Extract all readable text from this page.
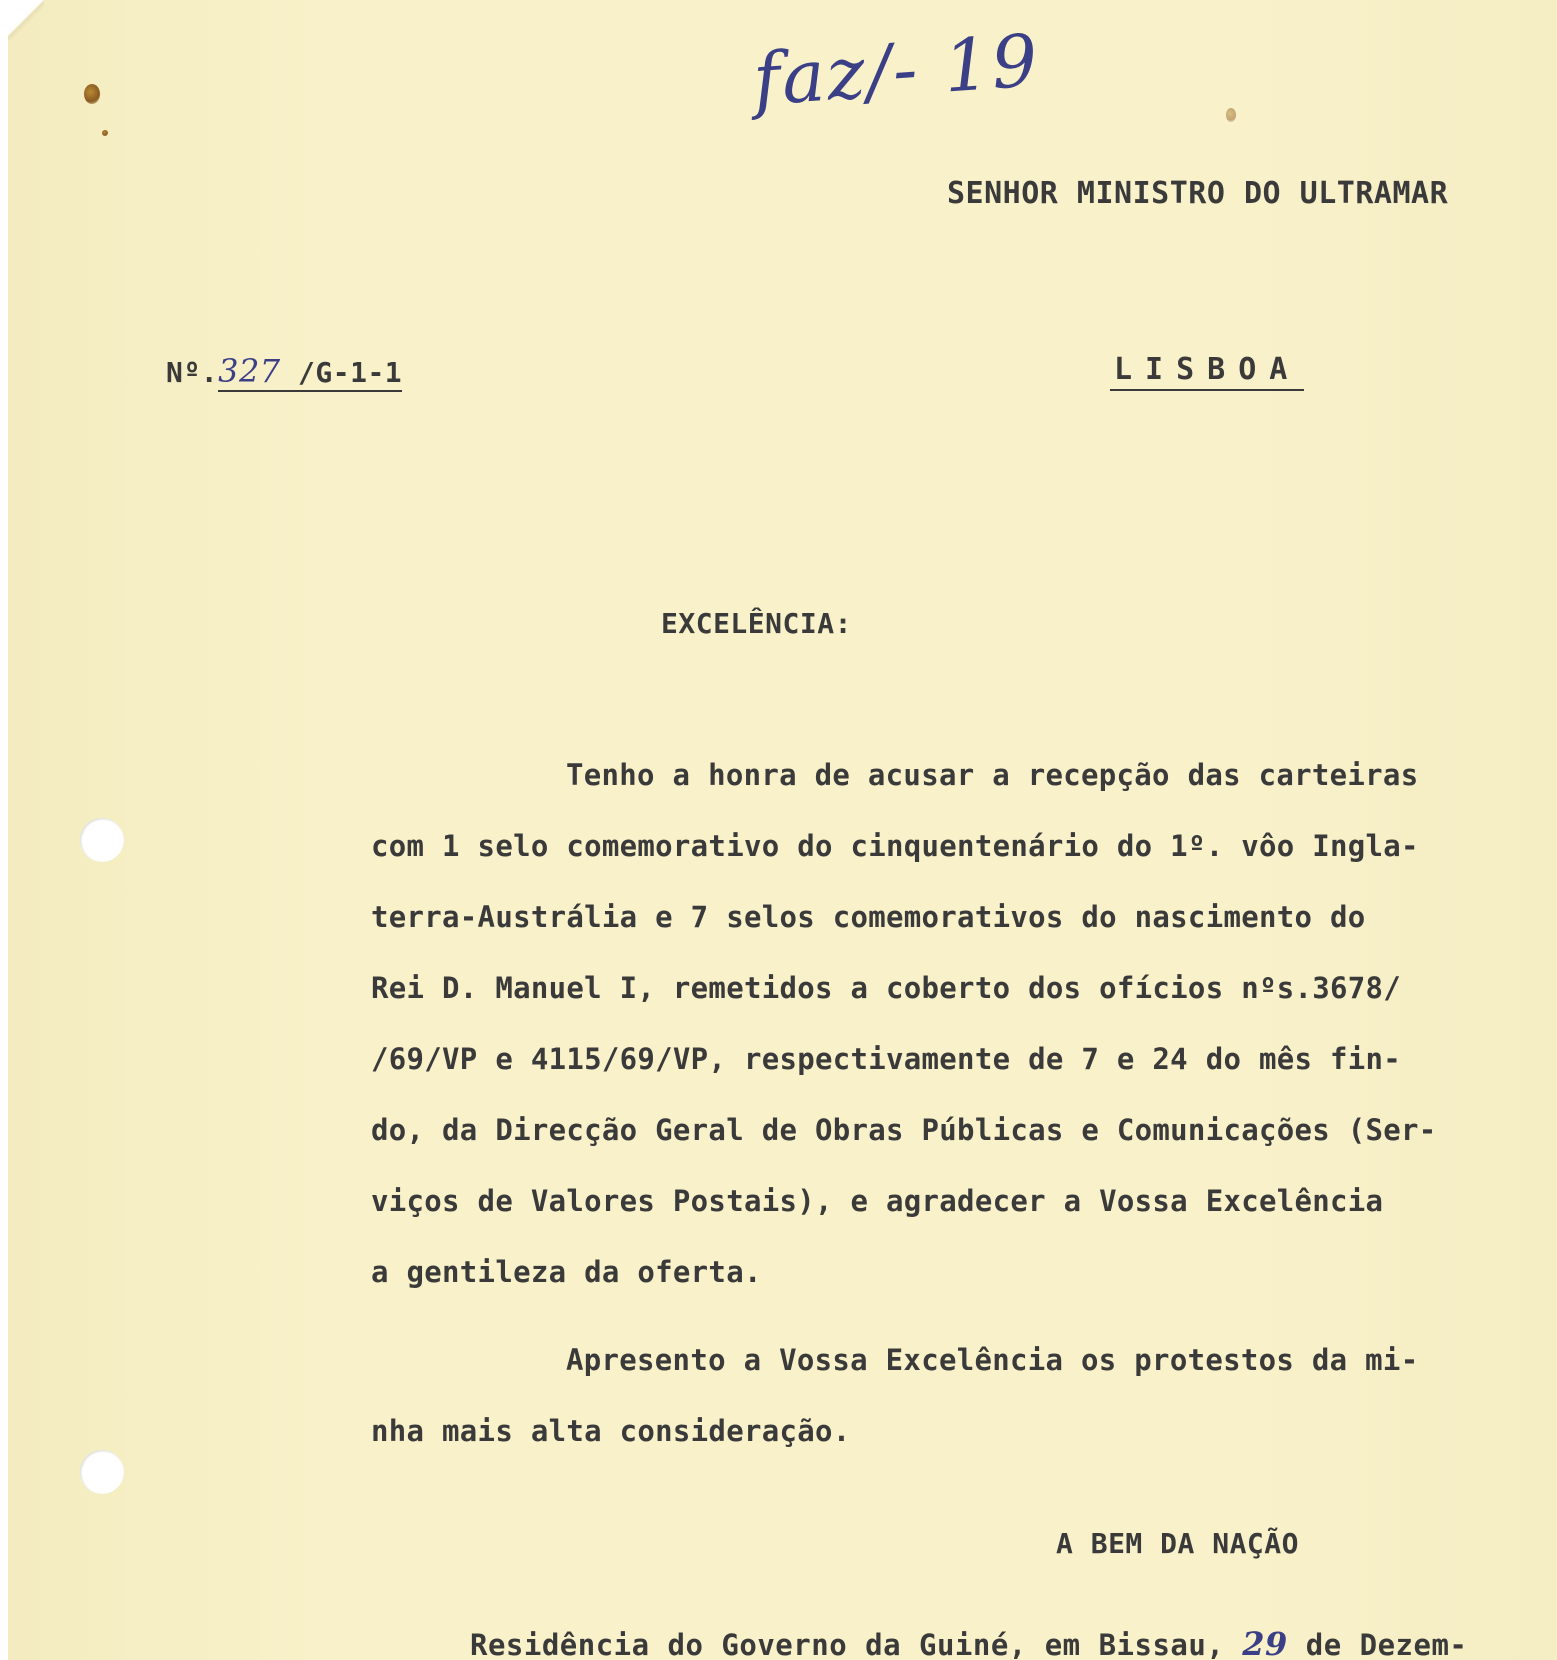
faz/- 19
SENHOR MINISTRO DO ULTRAMAR
Nº.327 /G-1-1	LISBOA
EXCELÊNCIA:
Tenho a honra de acusar a recepção das carteiras
com 1 selo comemorativo do cinquentenário do 1º. vôo Ingla-
terra-Austrália e 7 selos comemorativos do nascimento do
Rei D. Manuel I, remetidos a coberto dos ofícios nºs.3678/
/69/VP e 4115/69/VP, respectivamente de 7 e 24 do mês fin-
do, da Direcção Geral de Obras Públicas e Comunicações (Ser-
viços de Valores Postais), e agradecer a Vossa Excelência
a gentileza da oferta.
Apresento a Vossa Excelência os protestos da mi-
nha mais alta consideração.
A BEM DA NAÇÃO
Residência do Governo da Guiné, em Bissau, 29 de Dezem-
